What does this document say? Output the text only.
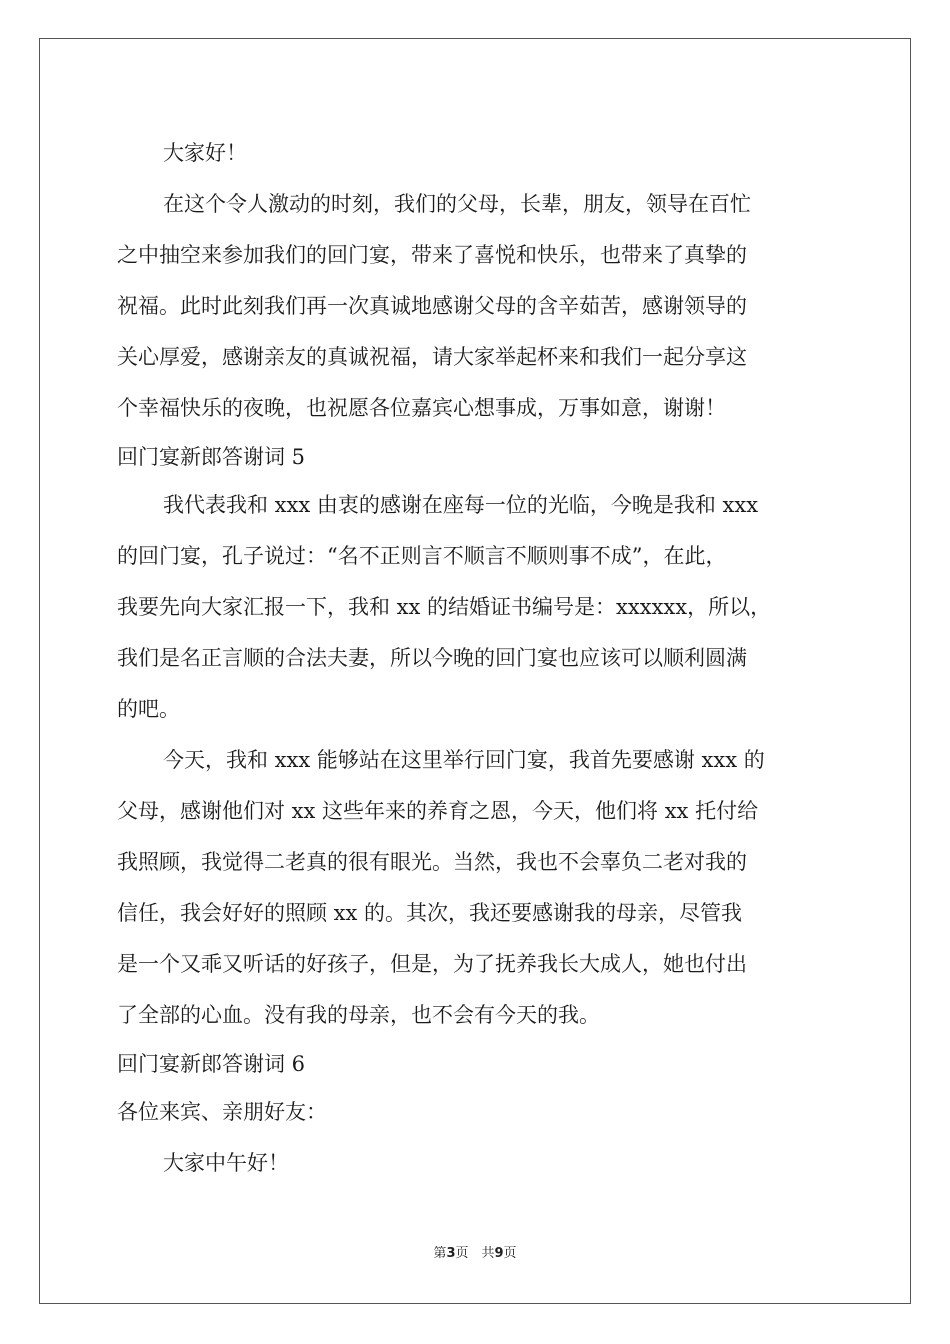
大家好！
在这个令人激动的时刻，我们的父母，长辈，朋友，领导在百忙
之中抽空来参加我们的回门宴，带来了喜悦和快乐，也带来了真挚的
祝福。此时此刻我们再一次真诚地感谢父母的含辛茹苦，感谢领导的
关心厚爱，感谢亲友的真诚祝福，请大家举起杯来和我们一起分享这
个幸福快乐的夜晚，也祝愿各位嘉宾心想事成，万事如意，谢谢！
回门宴新郎答谢词 5
我代表我和 xxx 由衷的感谢在座每一位的光临，今晚是我和 xxx
的回门宴，孔子说过：“名不正则言不顺言不顺则事不成”，在此，
我要先向大家汇报一下，我和 xx 的结婚证书编号是：xxxxxx，所以，
我们是名正言顺的合法夫妻，所以今晚的回门宴也应该可以顺利圆满
的吧。
今天，我和 xxx 能够站在这里举行回门宴，我首先要感谢 xxx 的
父母，感谢他们对 xx 这些年来的养育之恩，今天，他们将 xx 托付给
我照顾，我觉得二老真的很有眼光。当然，我也不会辜负二老对我的
信任，我会好好的照顾 xx 的。其次，我还要感谢我的母亲，尽管我
是一个又乖又听话的好孩子，但是，为了抚养我长大成人，她也付出
了全部的心血。没有我的母亲，也不会有今天的我。
回门宴新郎答谢词 6
各位来宾、亲朋好友：
大家中午好！
第3页　共9页
